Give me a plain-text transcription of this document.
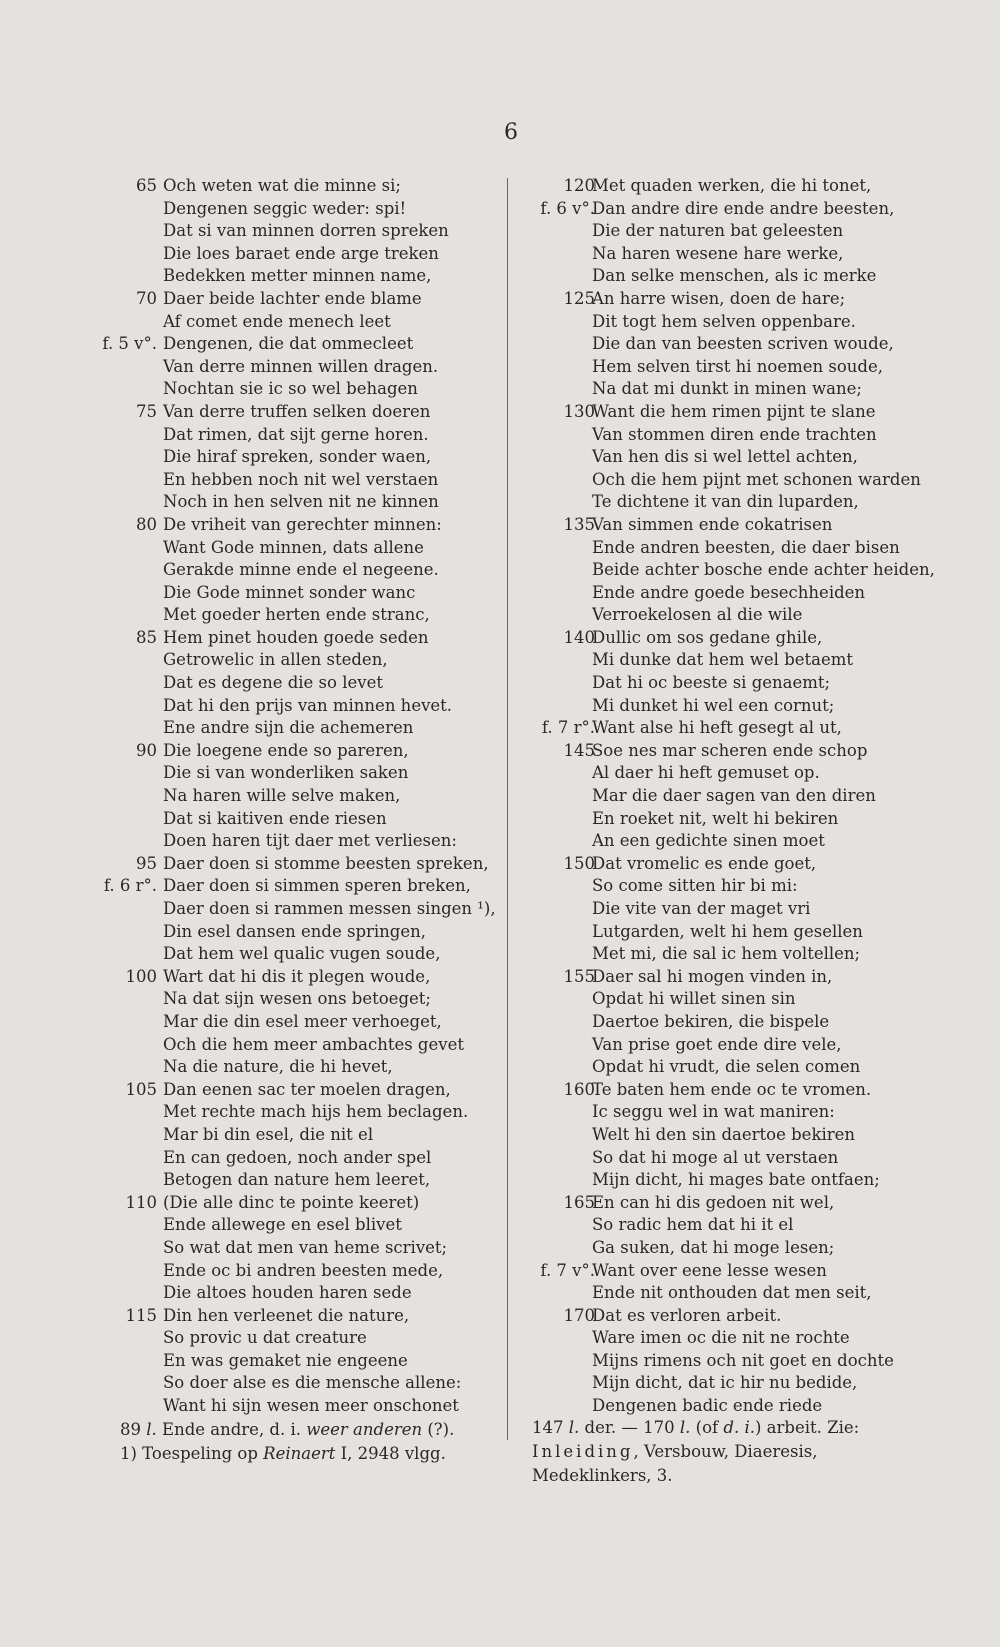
6
65 Och weten wat die minne si;
Dengenen seggic weder: spi!
Dat si van minnen dorren spreken
Die loes baraet ende arge treken
Bedekken metter minnen name,
70 Daer beide lachter ende blame
Af comet ende menech leet
f. 5 v°. Dengenen, die dat ommecleet
Van derre minnen willen dragen.
Nochtan sie ic so wel behagen
75 Van derre truffen selken doeren
Dat rimen, dat sijt gerne horen.
Die hiraf spreken, sonder waen,
En hebben noch nit wel verstaen
Noch in hen selven nit ne kinnen
80 De vriheit van gerechter minnen:
Want Gode minnen, dats allene
Gerakde minne ende el negeene.
Die Gode minnet sonder wanc
Met goeder herten ende stranc,
85 Hem pinet houden goede seden
Getrowelic in allen steden,
Dat es degene die so levet
Dat hi den prijs van minnen hevet.
Ene andre sijn die achemeren
90 Die loegene ende so pareren,
Die si van wonderliken saken
Na haren wille selve maken,
Dat si kaitiven ende riesen
Doen haren tijt daer met verliesen:
95 Daer doen si stomme beesten spreken,
f. 6 r°. Daer doen si simmen speren breken,
Daer doen si rammen messen singen ¹),
Din esel dansen ende springen,
Dat hem wel qualic vugen soude,
100 Wart dat hi dis it plegen woude,
Na dat sijn wesen ons betoeget;
Mar die din esel meer verhoeget,
Och die hem meer ambachtes gevet
Na die nature, die hi hevet,
105 Dan eenen sac ter moelen dragen,
Met rechte mach hijs hem beclagen.
Mar bi din esel, die nit el
En can gedoen, noch ander spel
Betogen dan nature hem leeret,
110 (Die alle dinc te pointe keeret)
Ende allewege en esel blivet
So wat dat men van heme scrivet;
Ende oc bi andren beesten mede,
Die altoes houden haren sede
115 Din hen verleenet die nature,
So provic u dat creature
En was gemaket nie engeene
So doer alse es die mensche allene:
Want hi sijn wesen meer onschonet
120
Met quaden werken, die hi tonet,
f. 6 v°.
Dan andre dire ende andre beesten,
Die der naturen bat geleesten
Na haren wesene hare werke,
Dan selke menschen, als ic merke
125
An harre wisen, doen de hare;
Dit togt hem selven oppenbare.
Die dan van beesten scriven woude,
Hem selven tirst hi noemen soude,
Na dat mi dunkt in minen wane;
130
Want die hem rimen pijnt te slane
Van stommen diren ende trachten
Van hen dis si wel lettel achten,
Och die hem pijnt met schonen warden
Te dichtene it van din luparden,
135
Van simmen ende cokatrisen
Ende andren beesten, die daer bisen
Beide achter bosche ende achter heiden,
Ende andre goede besechheiden
Verroekelosen al die wile
140
Dullic om sos gedane ghile,
Mi dunke dat hem wel betaemt
Dat hi oc beeste si genaemt;
Mi dunket hi wel een cornut;
f. 7 r°.
Want alse hi heft gesegt al ut,
145
Soe nes mar scheren ende schop
Al daer hi heft gemuset op.
Mar die daer sagen van den diren
En roeket nit, welt hi bekiren
An een gedichte sinen moet
150
Dat vromelic es ende goet,
So come sitten hir bi mi:
Die vite van der maget vri
Lutgarden, welt hi hem gesellen
Met mi, die sal ic hem voltellen;
155
Daer sal hi mogen vinden in,
Opdat hi willet sinen sin
Daertoe bekiren, die bispele
Van prise goet ende dire vele,
Opdat hi vrudt, die selen comen
160
Te baten hem ende oc te vromen.
Ic seggu wel in wat maniren:
Welt hi den sin daertoe bekiren
So dat hi moge al ut verstaen
Mijn dicht, hi mages bate ontfaen;
165
En can hi dis gedoen nit wel,
So radic hem dat hi it el
Ga suken, dat hi moge lesen;
f. 7 v°.
Want over eene lesse wesen
Ende nit onthouden dat men seit,
170
Dat es verloren arbeit.
Ware imen oc die nit ne rochte
Mijns rimens och nit goet en dochte
Mijn dicht, dat ic hir nu bedide,
Dengenen badic ende riede
89 l. Ende andre, d. i. weer anderen (?).
1) Toespeling op Reinaert I, 2948 vlgg.
147 l. der. — 170 l. (of d. i.) arbeit. Zie: Inleiding, Versbouw, Diaeresis, Medeklinkers, 3.
